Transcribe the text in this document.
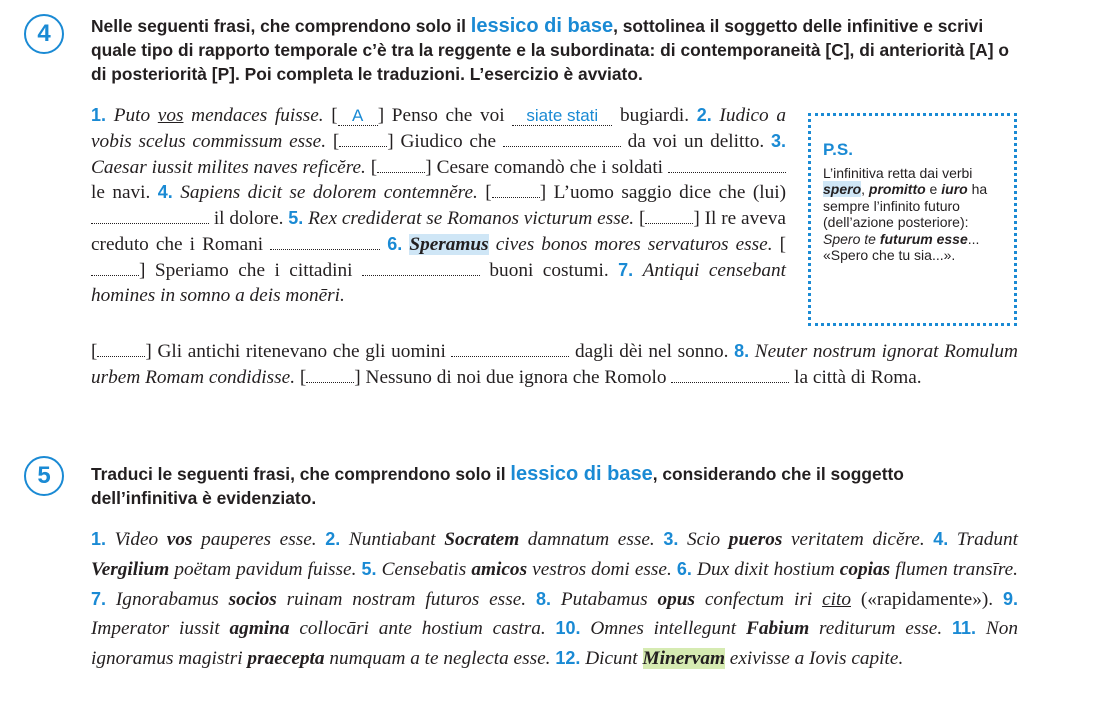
4	Nelle seguenti frasi, che comprendono solo il lessico di base, sottolinea il soggetto delle infinitive e scrivi quale tipo di rapporto temporale c’è tra la reggente e la subordinata: di contemporaneità [C], di anteriorità [A] o di posteriorità [P]. Poi completa le traduzioni. L’esercizio è avviato.
1. Puto vos mendaces fuisse. [ A ] Penso che voi siate stati bugiardi. 2. Iudico a vobis scelus commissum esse. [ ] Giudico che	da voi un delitto. 3. Caesar iussit milites naves reficĕre. [ ] Cesare comandò che i soldati  le navi. 4. Sapiens dicit se dolorem contemnĕre. [ ] L’uomo saggio dice che (lui)  il dolore. 5. Rex crediderat se Romanos victurum esse. [ ] Il re aveva creduto che i Romani	6. Speramus cives bonos mores servaturos esse. [] Speriamo che i cittadini	buoni costumi. 7. Antiqui censebant homines in somno a deis monēri.
[ ] Gli antichi ritenevano che gli uomini	dagli dèi nel sonno. 8. Neuter nostrum ignorat Romulum urbem Romam condidisse. [ ] Nessuno di noi due ignora che Romolo	la città di Roma.
P.S.
L’infinitiva retta dai verbi spero, promitto e iuro ha sempre l’infinito futuro (dell’azione posteriore): Spero te futurum esse... «Spero che tu sia...».
5	Traduci le seguenti frasi, che comprendono solo il lessico di base, considerando che il soggetto dell’infinitiva è evidenziato.
1. Video vos pauperes esse. 2. Nuntiabant Socratem damnatum esse. 3. Scio pueros veritatem dicĕre. 4. Tradunt Vergilium poëtam pavidum fuisse. 5. Censebatis amicos vestros domi esse. 6. Dux dixit hostium copias flumen transīre. 7. Ignorabamus socios ruinam nostram futuros esse. 8. Putabamus opus confectum iri cito («rapidamente»). 9. Imperator iussit agmina collocāri ante hostium castra. 10. Omnes intellegunt Fabium rediturum esse. 11. Non ignoramus magistri praecepta numquam a te neglecta esse. 12. Dicunt Minervam exivisse a Iovis capite.
